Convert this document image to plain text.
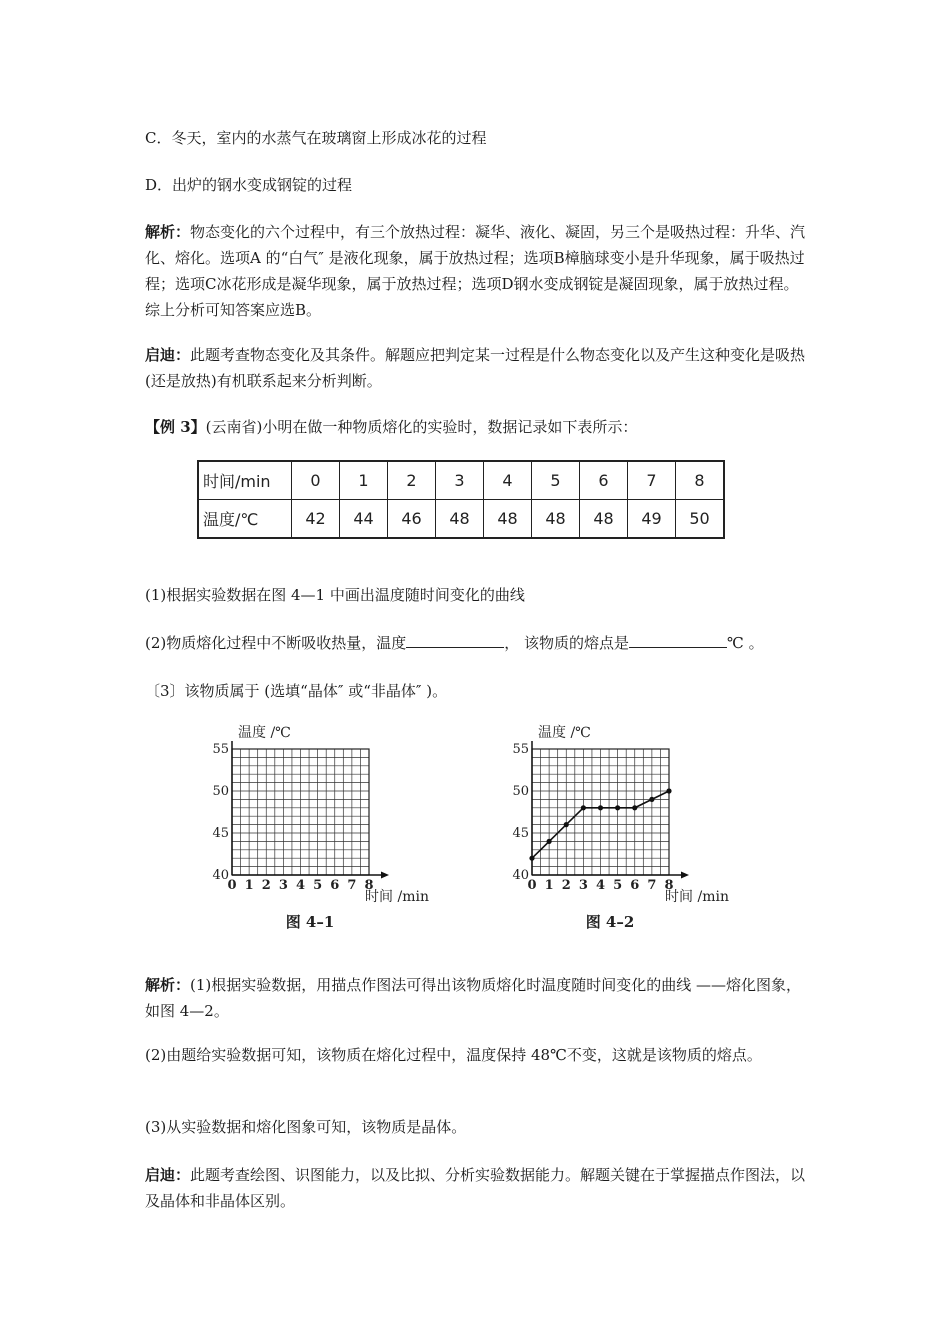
C．冬天，室内的水蒸气在玻璃窗上形成冰花的过程

D．出炉的钢水变成钢锭的过程

解析：物态变化的六个过程中，有三个放热过程：凝华、液化、凝固，另三个是吸热过程：升华、汽化、熔化。选项A 的“白气″ 是液化现象，属于放热过程；选项B樟脑球变小是升华现象，属于吸热过程；选项C冰花形成是凝华现象，属于放热过程；选项D钢水变成钢锭是凝固现象，属于放热过程。综上分析可知答案应选B。

启迪：此题考查物态变化及其条件。解题应把判定某一过程是什么物态变化以及产生这种变化是吸热(还是放热)有机联系起来分析判断。

【例 3】(云南省)小明在做一种物质熔化的实验时，数据记录如下表所示：

时间/min	0	1	2	3	4	5	6	7	8
温度/℃	42	44	46	48	48	48	48	49	50

(1)根据实验数据在图 4—1 中画出温度随时间变化的曲线

(2)物质熔化过程中不断吸收热量，温度	， 该物质的熔点是	℃ 。

〔3〕该物质属于 (选填“晶体″ 或“非晶体″ )。

0 1 2 3 4 5 6 7 8
40
45
50
55
温度 /℃
时间 /min
图 4–1
0 1 2 3 4 5 6 7 8
40
45
50
55
温度 /℃
时间 /min
图 4–2

解析：(1)根据实验数据，用描点作图法可得出该物质熔化时温度随时间变化的曲线 ——熔化图象，如图 4—2。

(2)由题给实验数据可知，该物质在熔化过程中，温度保持 48℃不变，这就是该物质的熔点。

(3)从实验数据和熔化图象可知，该物质是晶体。

启迪：此题考查绘图、识图能力，以及比拟、分析实验数据能力。解题关键在于掌握描点作图法，以及晶体和非晶体区别。
